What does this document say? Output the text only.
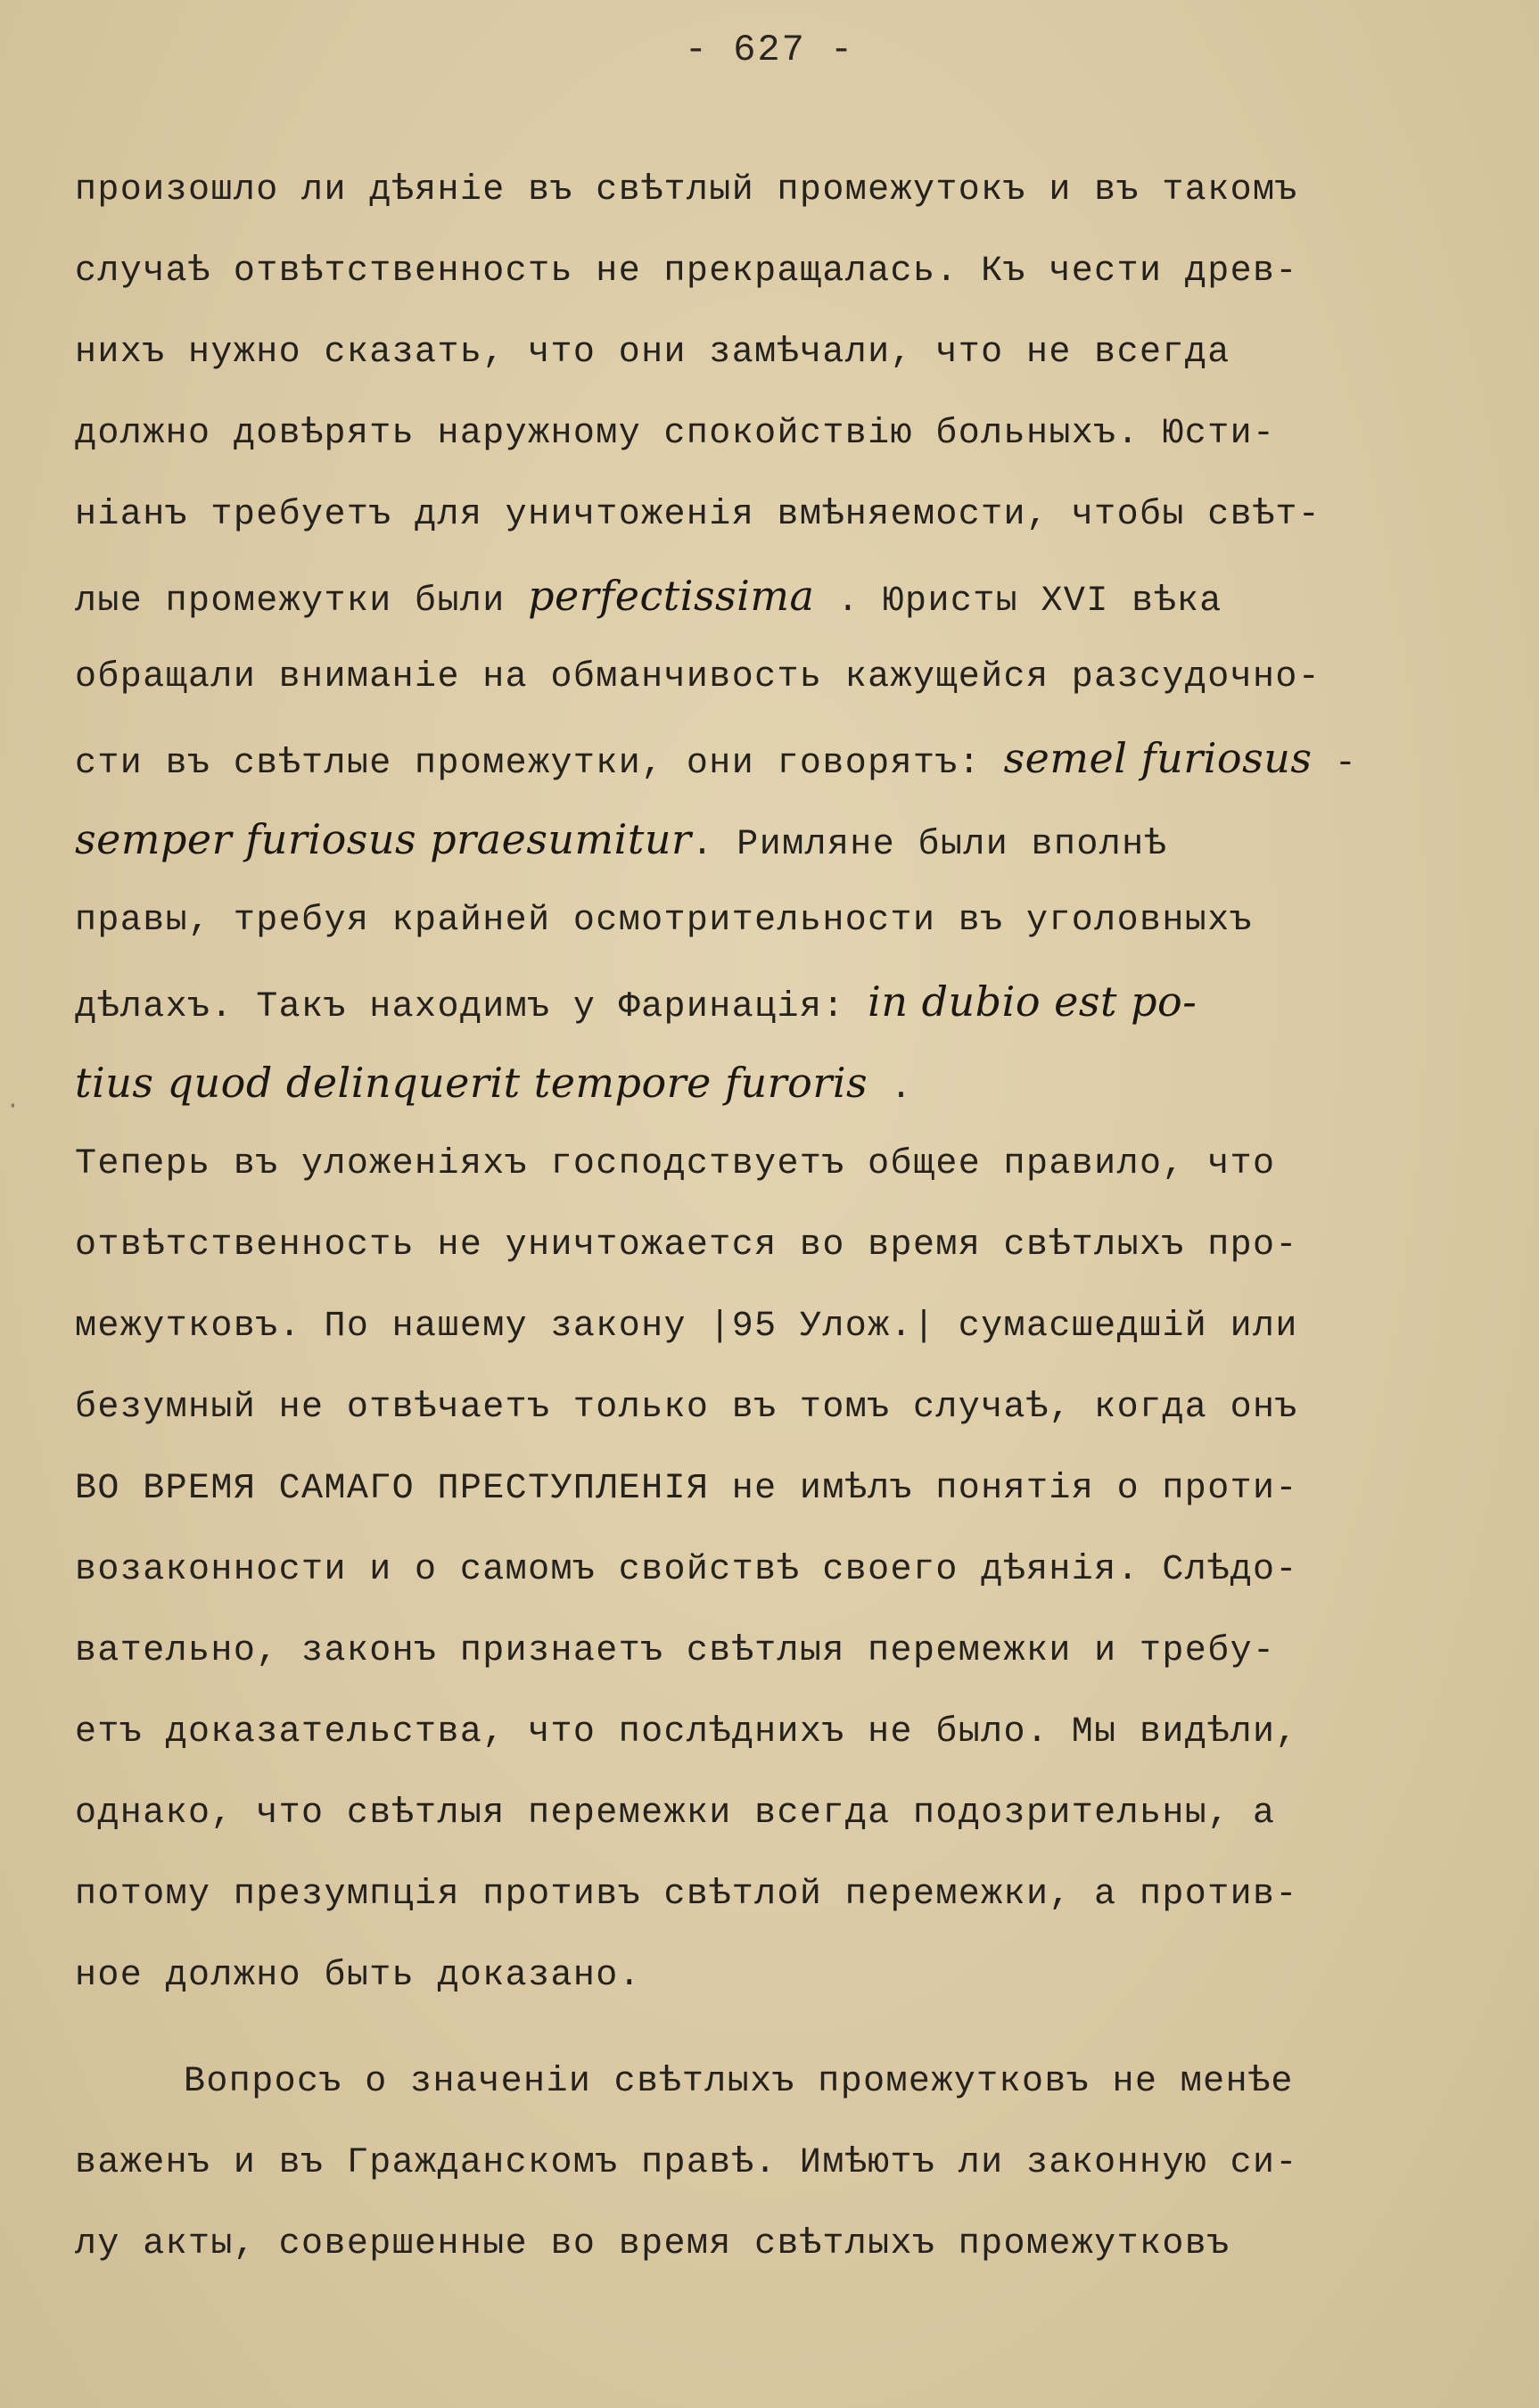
- 627 -
произошло ли дѣяніе въ свѣтлый промежутокъ и въ такомъ
случаѣ отвѣтственность не прекращалась. Къ чести древ-
нихъ нужно сказать, что они замѣчали, что не всегда
должно довѣрять наружному спокойствію больныхъ. Юсти-
ніанъ требуетъ для уничтоженія вмѣняемости, чтобы свѣт-
лые промежутки были perfectissima . Юристы XVI вѣка
обращали вниманіе на обманчивость кажущейся разсудочно-
сти въ свѣтлые промежутки, они говорятъ: semel furiosus -
semper furiosus praesumitur. Римляне были вполнѣ
правы, требуя крайней осмотрительности въ уголовныхъ
дѣлахъ. Такъ находимъ у Фаринація: in dubio est po-
tius quod delinquerit tempore furoris .
Теперь въ уложеніяхъ господствуетъ общее правило, что
отвѣтственность не уничтожается во время свѣтлыхъ про-
межутковъ. По нашему закону |95 Улож.| сумасшедшій или
безумный не отвѣчаетъ только въ томъ случаѣ, когда онъ
ВО ВРЕМЯ САМАГО ПРЕСТУПЛЕНІЯ не имѣлъ понятія о проти-
возаконности и о самомъ свойствѣ своего дѣянія. Слѣдо-
вательно, законъ признаетъ свѣтлыя перемежки и требу-
етъ доказательства, что послѣднихъ не было. Мы видѣли,
однако, что свѣтлыя перемежки всегда подозрительны, а
потому презумпція противъ свѣтлой перемежки, а против-
ное должно быть доказано.
Вопросъ о значеніи свѣтлыхъ промежутковъ не менѣе
важенъ и въ Гражданскомъ правѣ. Имѣютъ ли законную си-
лу акты, совершенные во время свѣтлыхъ промежутковъ
·
